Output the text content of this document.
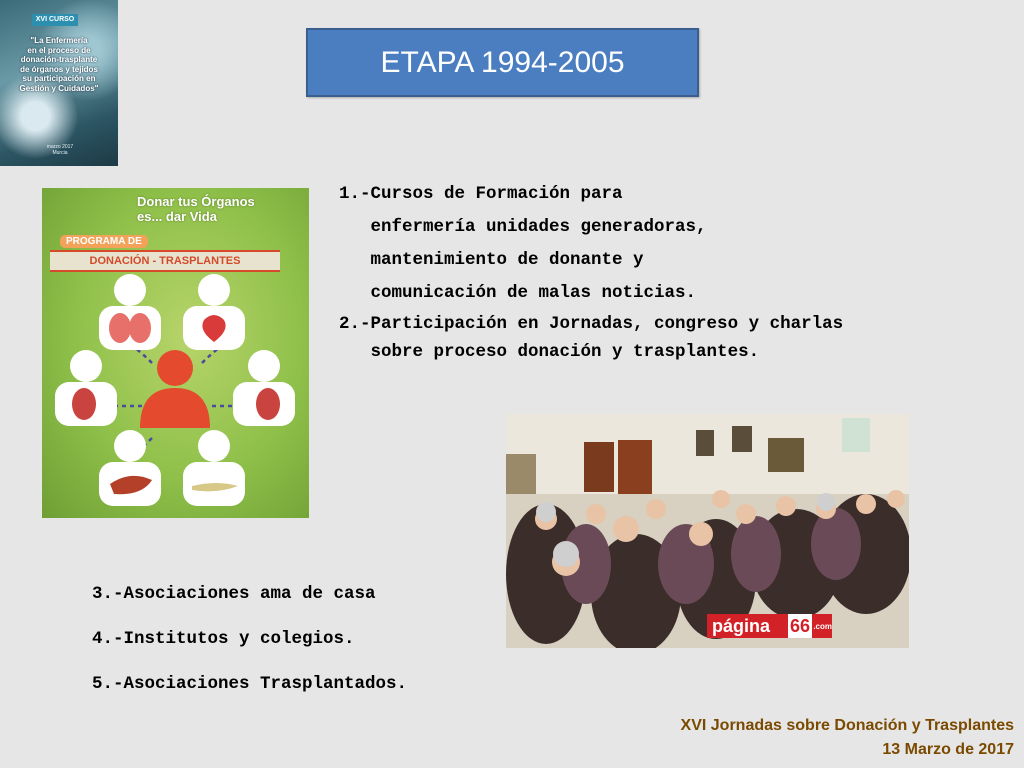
XVI CURSO
"La Enfermería
en el proceso de
donación-trasplante
de órganos y tejidos
su participación en
Gestión y Cuidados"
marzo 2017
Murcia
ETAPA 1994-2005
Donar tus Órganos
es... dar Vida
PROGRAMA DE
DONACIÓN - TRASPLANTES
1.-Cursos de Formación para
enfermería unidades generadoras,
mantenimiento de donante y
comunicación de malas noticias.
2.-Participación en Jornadas, congreso y charlas
sobre proceso donación y trasplantes.
página	66 .com
3.-Asociaciones ama de casa
4.-Institutos y colegios.
5.-Asociaciones Trasplantados.
XVI Jornadas sobre Donación y Trasplantes
13 Marzo de 2017
